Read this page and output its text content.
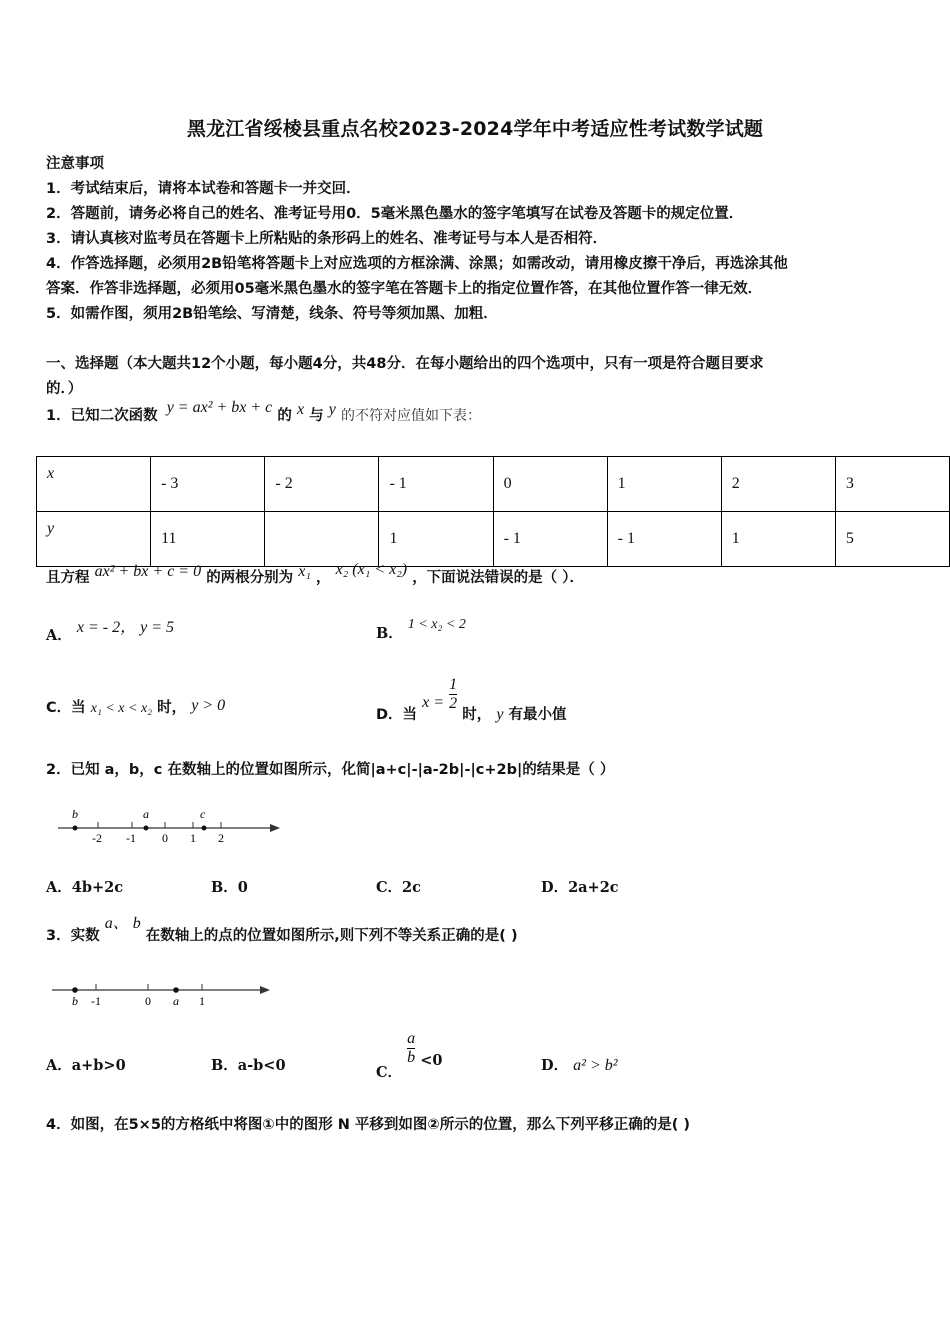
黑龙江省绥棱县重点名校2023-2024学年中考适应性考试数学试题
注意事项
1．考试结束后，请将本试卷和答题卡一并交回．
2．答题前，请务必将自己的姓名、准考证号用0．5毫米黑色墨水的签字笔填写在试卷及答题卡的规定位置．
3．请认真核对监考员在答题卡上所粘贴的条形码上的姓名、准考证号与本人是否相符．
4．作答选择题，必须用2B铅笔将答题卡上对应选项的方框涂满、涂黑；如需改动，请用橡皮擦干净后，再选涂其他
答案．作答非选择题，必须用05毫米黑色墨水的签字笔在答题卡上的指定位置作答，在其他位置作答一律无效．
5．如需作图，须用2B铅笔绘、写清楚，线条、符号等须加黑、加粗．
一、选择题（本大题共12个小题，每小题4分，共48分．在每小题给出的四个选项中，只有一项是符合题目要求
的．）
1．已知二次函数 y = ax² + bx + c 的 x 与 y 的不符对应值如下表：
x	- 3	- 2	- 1	0	1	2	3
y	11		1	- 1	- 1	1	5
且方程 ax² + bx + c = 0 的两根分别为 x₁ ， x₂ (x₁ < x₂) ，下面说法错误的是（ ）．
A． x = - 2， y = 5	B． 1 < x₂ < 2
C．当 x₁ < x < x₂ 时， y > 0
D．当 $x = \frac{1}{2}$
时， y 有最小值
2．已知 a，b，c 在数轴上的位置如图所示，化简|a+c|-|a-2b|-|c+2b|的结果是（ ）
-2 -1 0 1 2
b	a	c
A．4b+2c	B．0	C．2c	D．2a+2c
3．实数 a、 b 在数轴上的点的位置如图所示,则下列不等关系正确的是( )
b -1	0 a 1
A．a+b>0	B．a-b<0	C．
$\frac{a}{b} <0$	D． a² > b²
4．如图，在5×5的方格纸中将图①中的图形 N 平移到如图②所示的位置，那么下列平移正确的是( )
